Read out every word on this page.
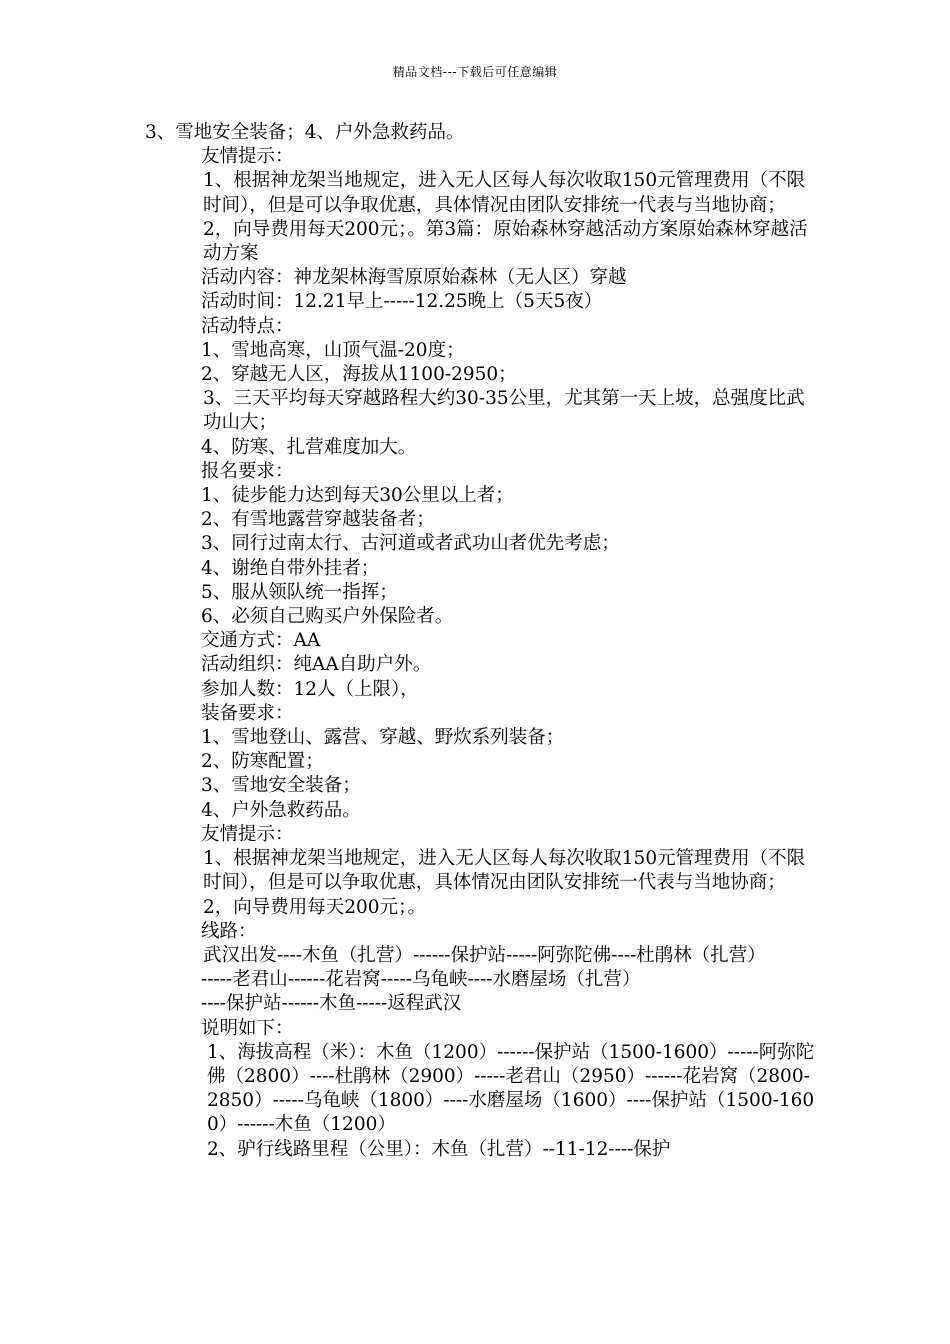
精品文档---下载后可任意编辑

3、雪地安全装备；4、户外急救药品。

友情提示：

1、根据神龙架当地规定，进入无人区每人每次收取150元管理费用（不限时间），但是可以争取优惠，具体情况由团队安排统一代表与当地协商；2，向导费用每天200元；。第3篇：原始森林穿越活动方案原始森林穿越活动方案

活动内容：神龙架林海雪原原始森林（无人区）穿越

活动时间：12.21早上-----12.25晚上（5天5夜）

活动特点：

1、雪地高寒，山顶气温-20度；

2、穿越无人区，海拔从1100-2950；

3、三天平均每天穿越路程大约30-35公里，尤其第一天上坡，总强度比武功山大；

4、防寒、扎营难度加大。

报名要求：

1、徒步能力达到每天30公里以上者；

2、有雪地露营穿越装备者；

3、同行过南太行、古河道或者武功山者优先考虑；

4、谢绝自带外挂者；

5、服从领队统一指挥；

6、必须自己购买户外保险者。

交通方式：AA

活动组织：纯AA自助户外。

参加人数：12人（上限），

装备要求：

1、雪地登山、露营、穿越、野炊系列装备；

2、防寒配置；

3、雪地安全装备；

4、户外急救药品。

友情提示：

1、根据神龙架当地规定，进入无人区每人每次收取150元管理费用（不限时间），但是可以争取优惠，具体情况由团队安排统一代表与当地协商；2，向导费用每天200元；。

线路：

武汉出发----木鱼（扎营）------保护站-----阿弥陀佛----杜鹃林（扎营）

-----老君山------花岩窝-----乌龟峡----水磨屋场（扎营）

----保护站------木鱼-----返程武汉

说明如下：

1、海拔高程（米）：木鱼（1200）------保护站（1500-1600）-----阿弥陀佛（2800）----杜鹃林（2900）-----老君山（2950）------花岩窝（2800-2850）-----乌龟峡（1800）----水磨屋场（1600）----保护站（1500-1600）------木鱼（1200）

2、驴行线路里程（公里）：木鱼（扎营）--11-12----保护
